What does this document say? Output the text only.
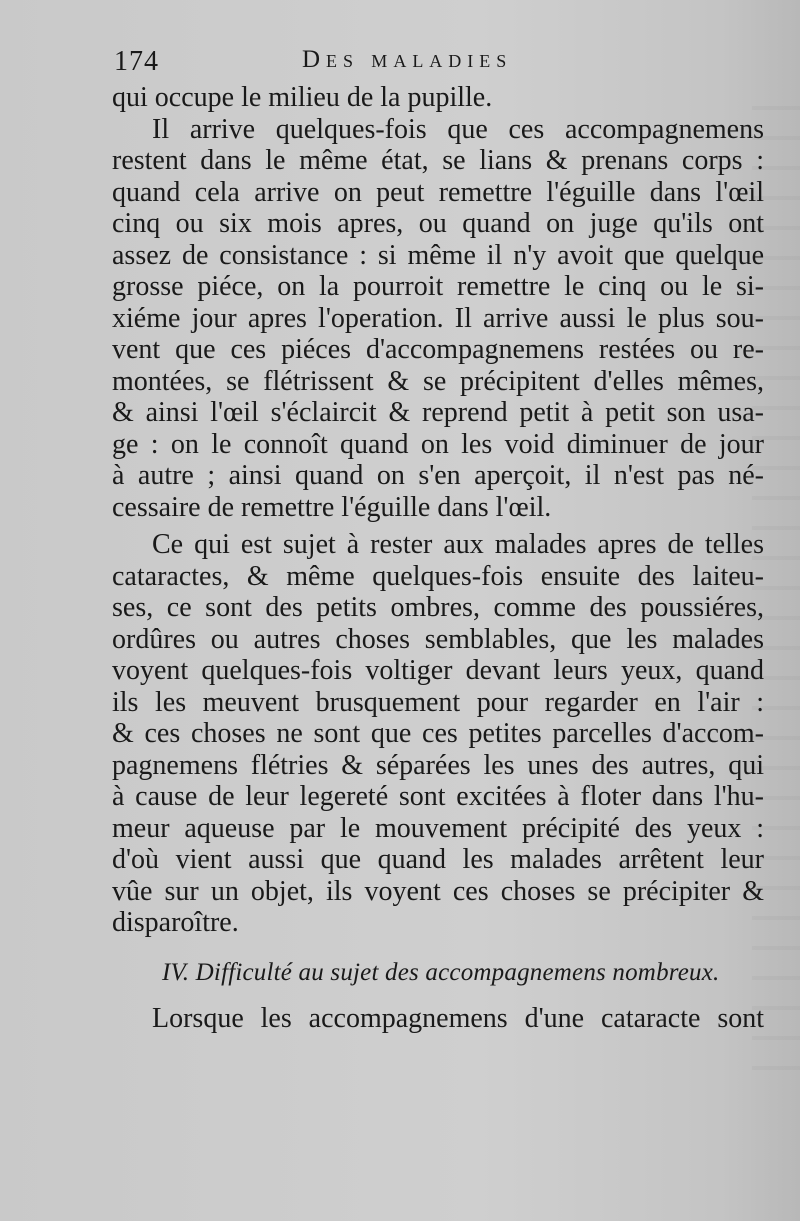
174	Des maladies

qui occupe le milieu de la pupille.

Il arrive quelques-fois que ces accompagnemens
restent dans le même état, se lians & prenans corps :
quand cela arrive on peut remettre l'éguille dans l'œil
cinq ou six mois apres, ou quand on juge qu'ils ont
assez de consistance : si même il n'y avoit que quelque
grosse piéce, on la pourroit remettre le cinq ou le si-
xiéme jour apres l'operation. Il arrive aussi le plus sou-
vent que ces piéces d'accompagnemens restées ou re-
montées, se flétrissent & se précipitent d'elles mêmes,
& ainsi l'œil s'éclaircit & reprend petit à petit son usa-
ge : on le connoît quand on les void diminuer de jour
à autre ; ainsi quand on s'en aperçoit, il n'est pas né-
cessaire de remettre l'éguille dans l'œil.

Ce qui est sujet à rester aux malades apres de telles
cataractes, & même quelques-fois ensuite des laiteu-
ses, ce sont des petits ombres, comme des poussiéres,
ordûres ou autres choses semblables, que les malades
voyent quelques-fois voltiger devant leurs yeux, quand
ils les meuvent brusquement pour regarder en l'air :
& ces choses ne sont que ces petites parcelles d'accom-
pagnemens flétries & séparées les unes des autres, qui
à cause de leur legereté sont excitées à floter dans l'hu-
meur aqueuse par le mouvement précipité des yeux :
d'où vient aussi que quand les malades arrêtent leur
vûe sur un objet, ils voyent ces choses se précipiter &
disparoître.

IV. Difficulté au sujet des accompagnemens nombreux.

Lorsque les accompagnemens d'une cataracte sont
